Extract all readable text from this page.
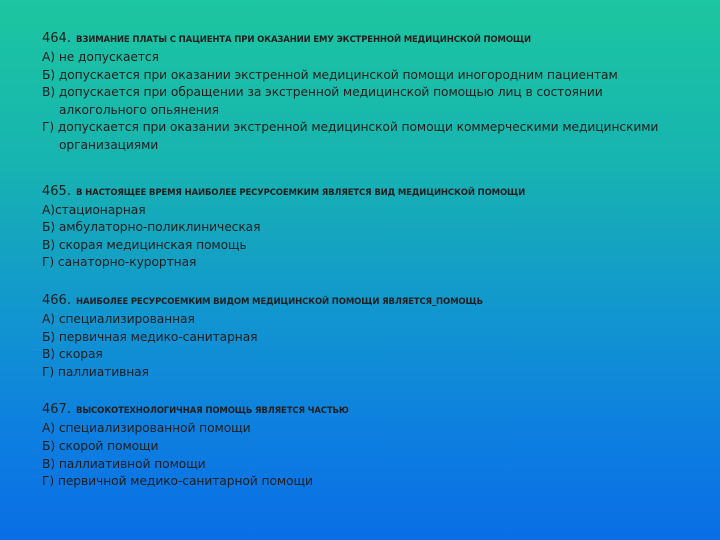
464. ВЗИМАНИЕ ПЛАТЫ С ПАЦИЕНТА ПРИ ОКАЗАНИИ ЕМУ ЭКСТРЕННОЙ МЕДИЦИНСКОЙ ПОМОЩИ
А) не допускается
Б) допускается при оказании экстренной медицинской помощи иногородним пациентам
В) допускается при обращении за экстренной медицинской помощью лиц в состоянии
алкогольного опьянения
Г) допускается при оказании экстренной медицинской помощи коммерческими медицинскими
организациями
465. В НАСТОЯЩЕЕ ВРЕМЯ НАИБОЛЕЕ РЕСУРСОЕМКИМ ЯВЛЯЕТСЯ ВИД МЕДИЦИНСКОЙ ПОМОЩИ
А)стационарная
Б) амбулаторно-поликлиническая
В) скорая медицинская помощь
Г) санаторно-курортная
466. НАИБОЛЕЕ РЕСУРСОЕМКИМ ВИДОМ МЕДИЦИНСКОЙ ПОМОЩИ ЯВЛЯЕТСЯ_ПОМОЩЬ
А) специализированная
Б) первичная медико-санитарная
В) скорая
Г) паллиативная
467. ВЫСОКОТЕХНОЛОГИЧНАЯ ПОМОЩЬ ЯВЛЯЕТСЯ ЧАСТЬЮ
А) специализированной помощи
Б) скорой помощи
В) паллиативной помощи
Г) первичной медико-санитарной помощи
